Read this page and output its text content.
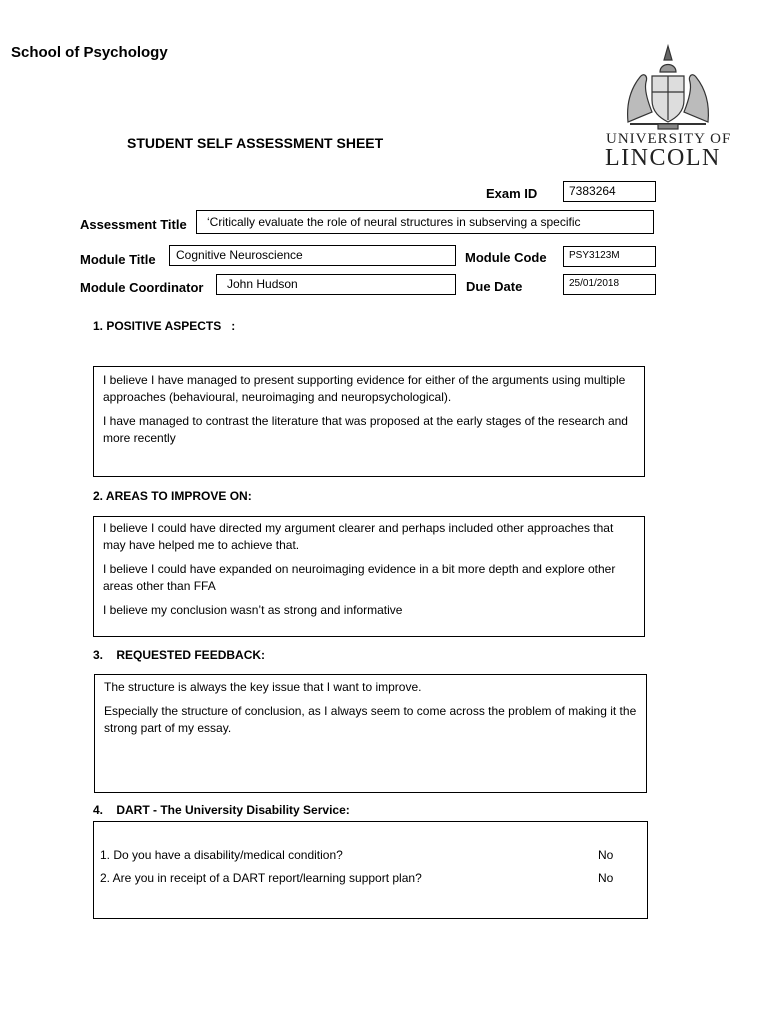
School of Psychology
STUDENT SELF ASSESSMENT SHEET	UNIVERSITY OF
LINCOLN
Exam ID	7383264
Assessment Title ‘Critically evaluate the role of neural structures in subserving a specific
Module Title Cognitive Neuroscience	Module Code PSY3123M
Module Coordinator John Hudson	Due Date	25/01/2018
1. POSITIVE ASPECTS   :

I believe I have managed to present supporting evidence for either of the arguments using multiple approaches (behavioural, neuroimaging and neuropsychological).

I have managed to contrast the literature that was proposed at the early stages of the research and more recently

2. AREAS TO IMPROVE ON:

I believe I could have directed my argument clearer and perhaps included other approaches that may have helped me to achieve that.

I believe I could have expanded on neuroimaging evidence in a bit more depth and explore other areas other than FFA

I believe my conclusion wasn’t as strong and informative

3.    REQUESTED FEEDBACK:

The structure is always the key issue that I want to improve.

Especially the structure of conclusion, as I always seem to come across the problem of making it the strong part of my essay.

4.    DART - The University Disability Service:
1. Do you have a disability/medical condition?	No
2. Are you in receipt of a DART report/learning support plan?	No
